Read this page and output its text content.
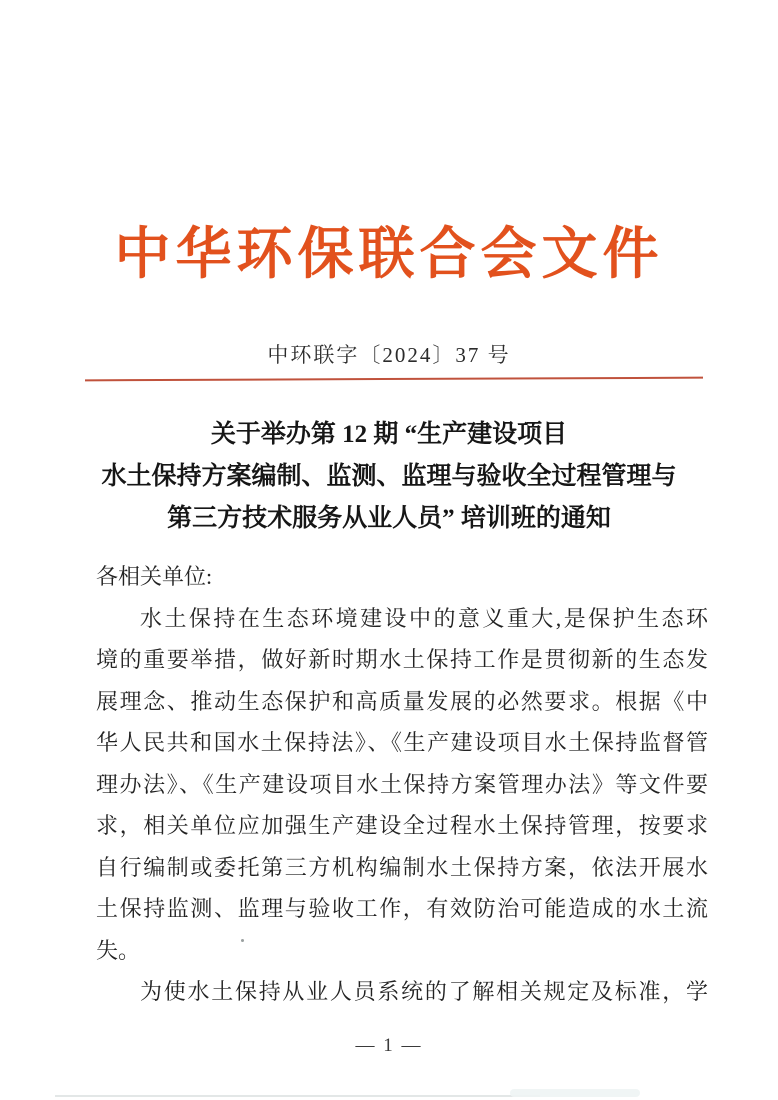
中华环保联合会文件
中环联字〔2024〕37 号
关于举办第 12 期 “生产建设项目
水土保持方案编制、监测、监理与验收全过程管理与
第三方技术服务从业人员” 培训班的通知
各相关单位:
水土保持在生态环境建设中的意义重大,是保护生态环
境的重要举措，做好新时期水土保持工作是贯彻新的生态发
展理念、推动生态保护和高质量发展的必然要求。根据《中
华人民共和国水土保持法》、《生产建设项目水土保持监督管
理办法》、《生产建设项目水土保持方案管理办法》等文件要
求，相关单位应加强生产建设全过程水土保持管理，按要求
自行编制或委托第三方机构编制水土保持方案，依法开展水
土保持监测、监理与验收工作，有效防治可能造成的水土流
失。
为使水土保持从业人员系统的了解相关规定及标准，学
— 1 —
